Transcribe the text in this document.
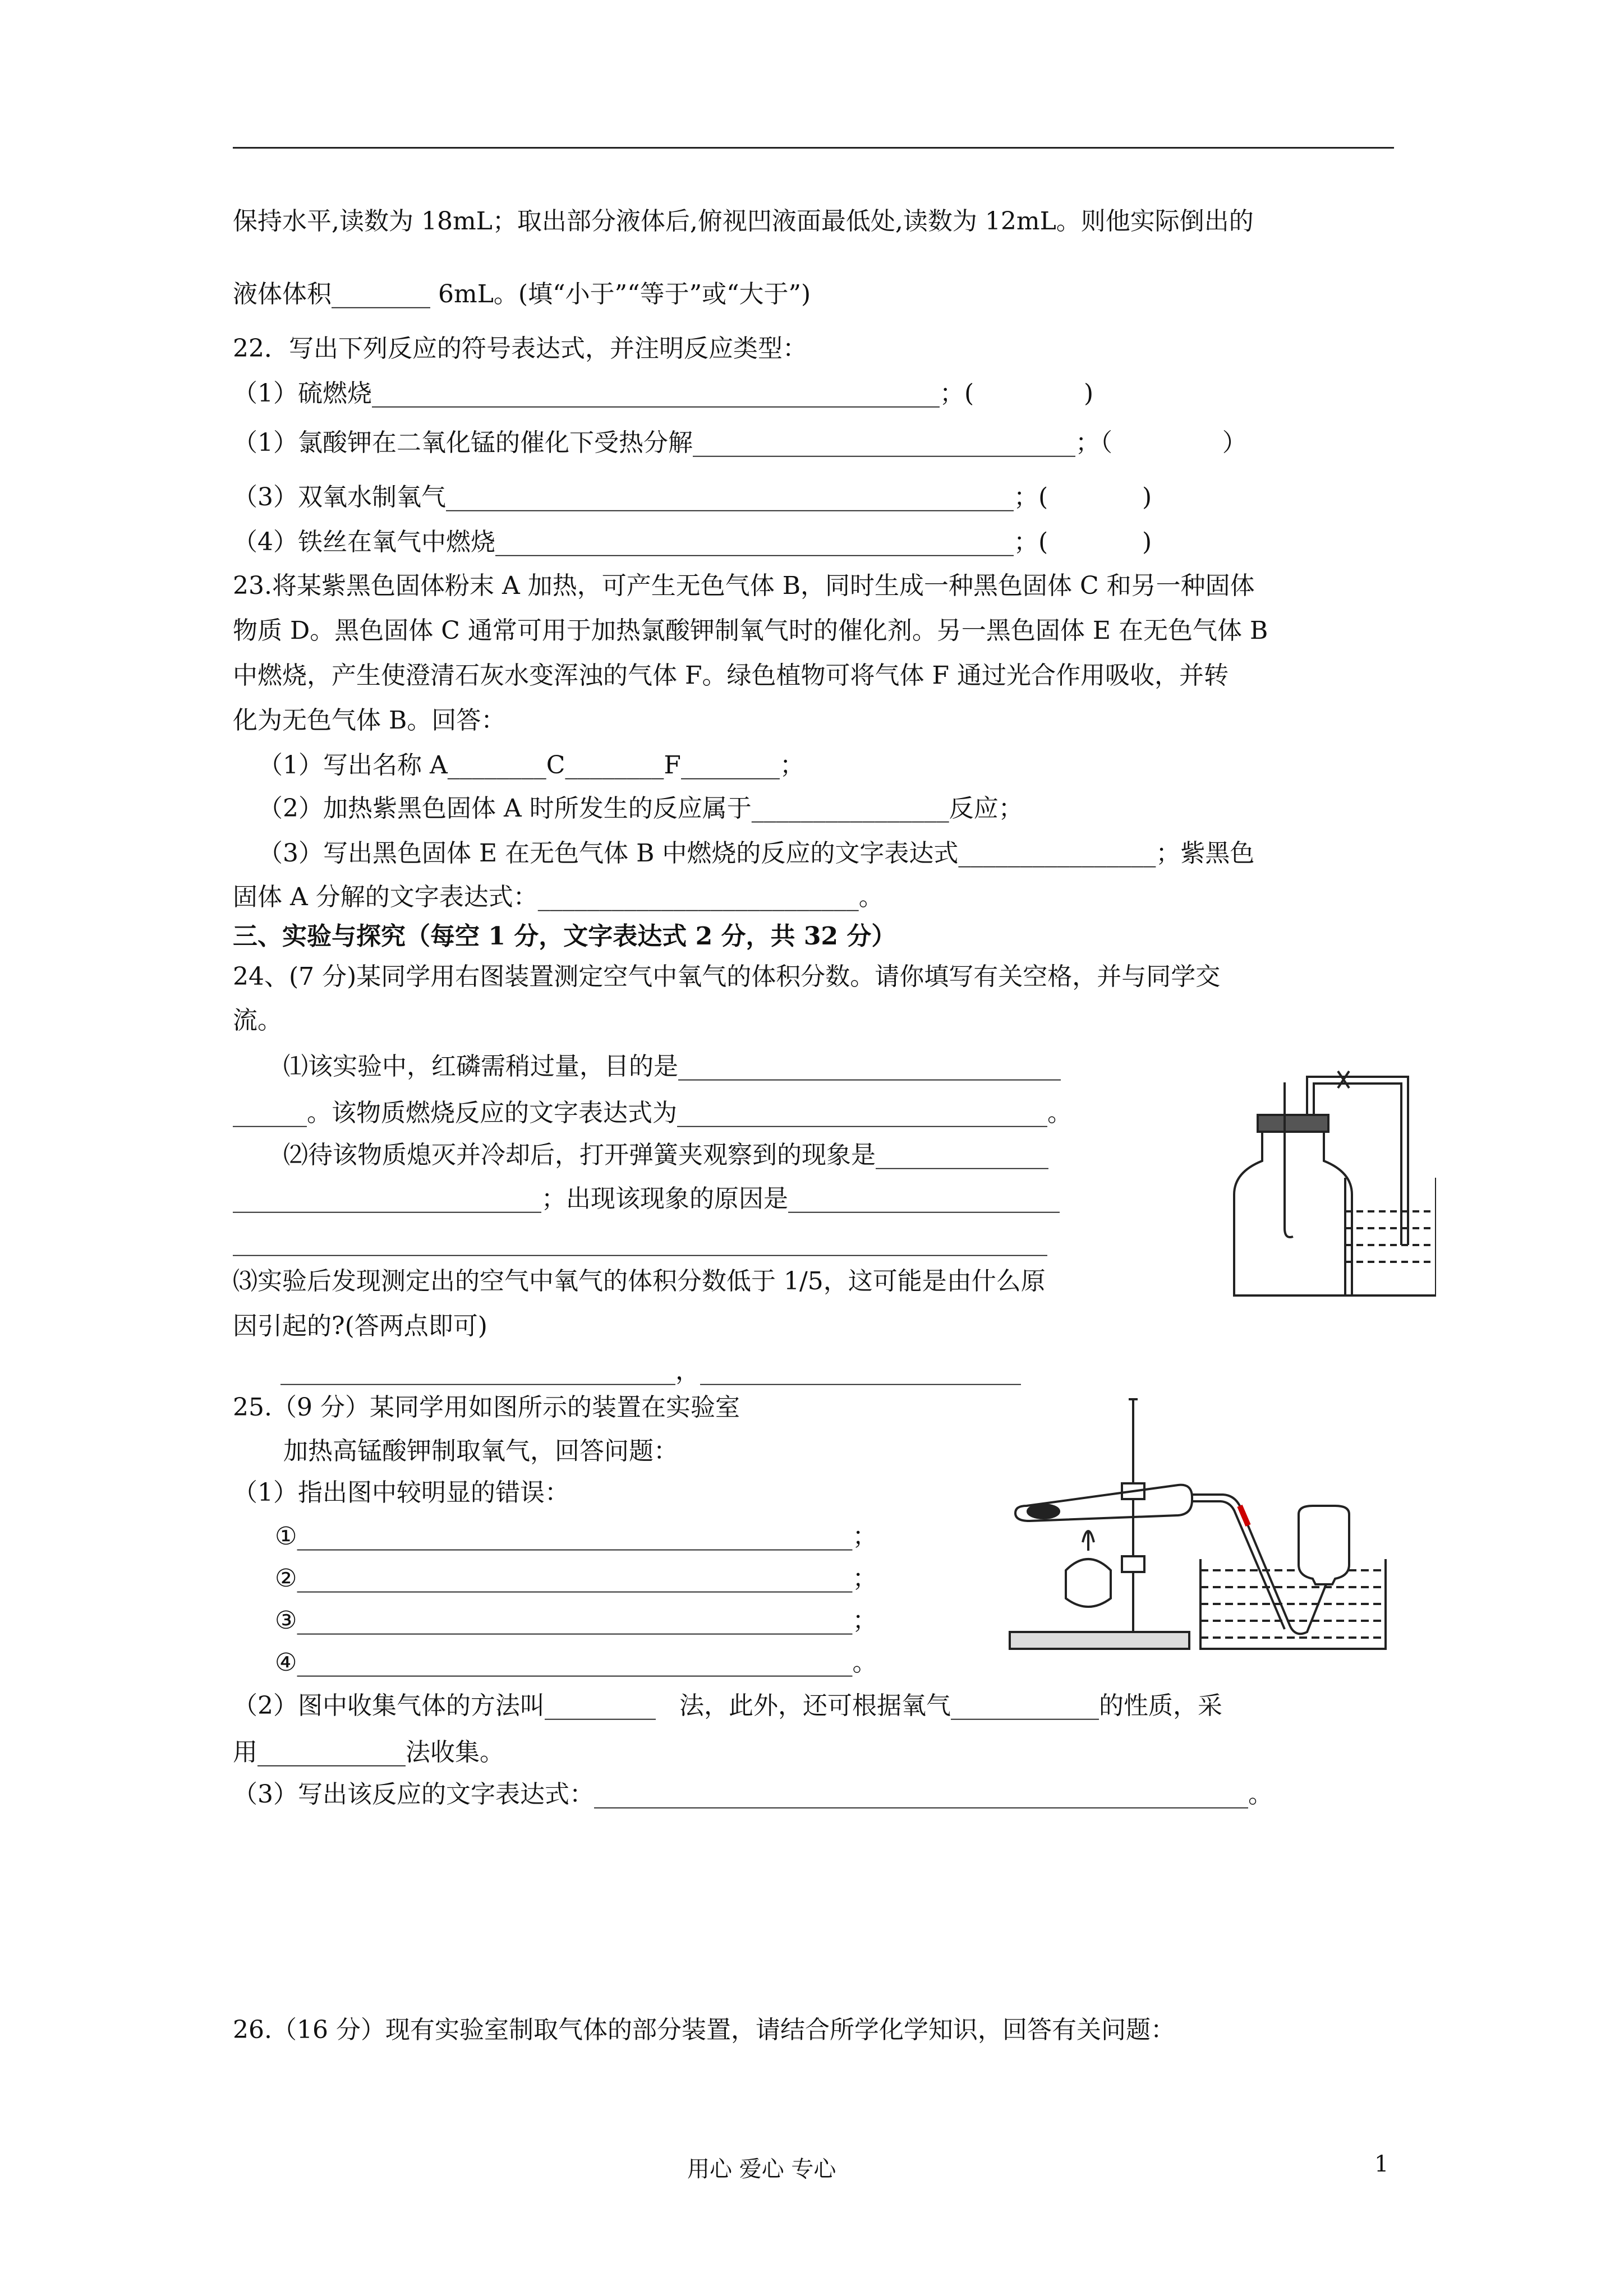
保持水平,读数为 18mL；取出部分液体后,俯视凹液面最低处,读数为 12mL。则他实际倒出的
液体体积________ 6mL。(填“小于”“等于”或“大于”)
22．写出下列反应的符号表达式，并注明反应类型：
（1）硫燃烧______________________________________________；(              )
（1）氯酸钾在二氧化锰的催化下受热分解_______________________________；（              ）
（3）双氧水制氧气______________________________________________；(            )
（4）铁丝在氧气中燃烧__________________________________________；(            )
23.将某紫黑色固体粉末 A 加热，可产生无色气体 B，同时生成一种黑色固体 C 和另一种固体
物质 D。黑色固体 C 通常可用于加热氯酸钾制氧气时的催化剂。另一黑色固体 E 在无色气体 B
中燃烧，产生使澄清石灰水变浑浊的气体 F。绿色植物可将气体 F 通过光合作用吸收，并转
化为无色气体 B。回答：
（1）写出名称 A________C________F________；
（2）加热紫黑色固体 A 时所发生的反应属于________________反应；
（3）写出黑色固体 E 在无色气体 B 中燃烧的反应的文字表达式________________；紫黑色
固体 A 分解的文字表达式：__________________________。
三、实验与探究（每空 1 分，文字表达式 2 分，共 32 分）
24、(7 分)某同学用右图装置测定空气中氧气的体积分数。请你填写有关空格，并与同学交
流。
⑴该实验中，红磷需稍过量，目的是_______________________________
______。该物质燃烧反应的文字表达式为______________________________。
⑵待该物质熄灭并冷却后，打开弹簧夹观察到的现象是______________
_________________________；出现该现象的原因是______________________
__________________________________________________________________
⑶实验后发现测定出的空气中氧气的体积分数低于 1/5，这可能是由什么原
因引起的?(答两点即可)
________________________________，__________________________
25.（9 分）某同学用如图所示的装置在实验室
加热高锰酸钾制取氧气，回答问题：
（1）指出图中较明显的错误：
①_____________________________________________；
②_____________________________________________；
③_____________________________________________；
④_____________________________________________。
（2）图中收集气体的方法叫_________   法，此外，还可根据氧气____________的性质，采
用____________法收集。
（3）写出该反应的文字表达式：_____________________________________________________。
26.（16 分）现有实验室制取气体的部分装置，请结合所学化学知识，回答有关问题：
用心 爱心 专心	1
